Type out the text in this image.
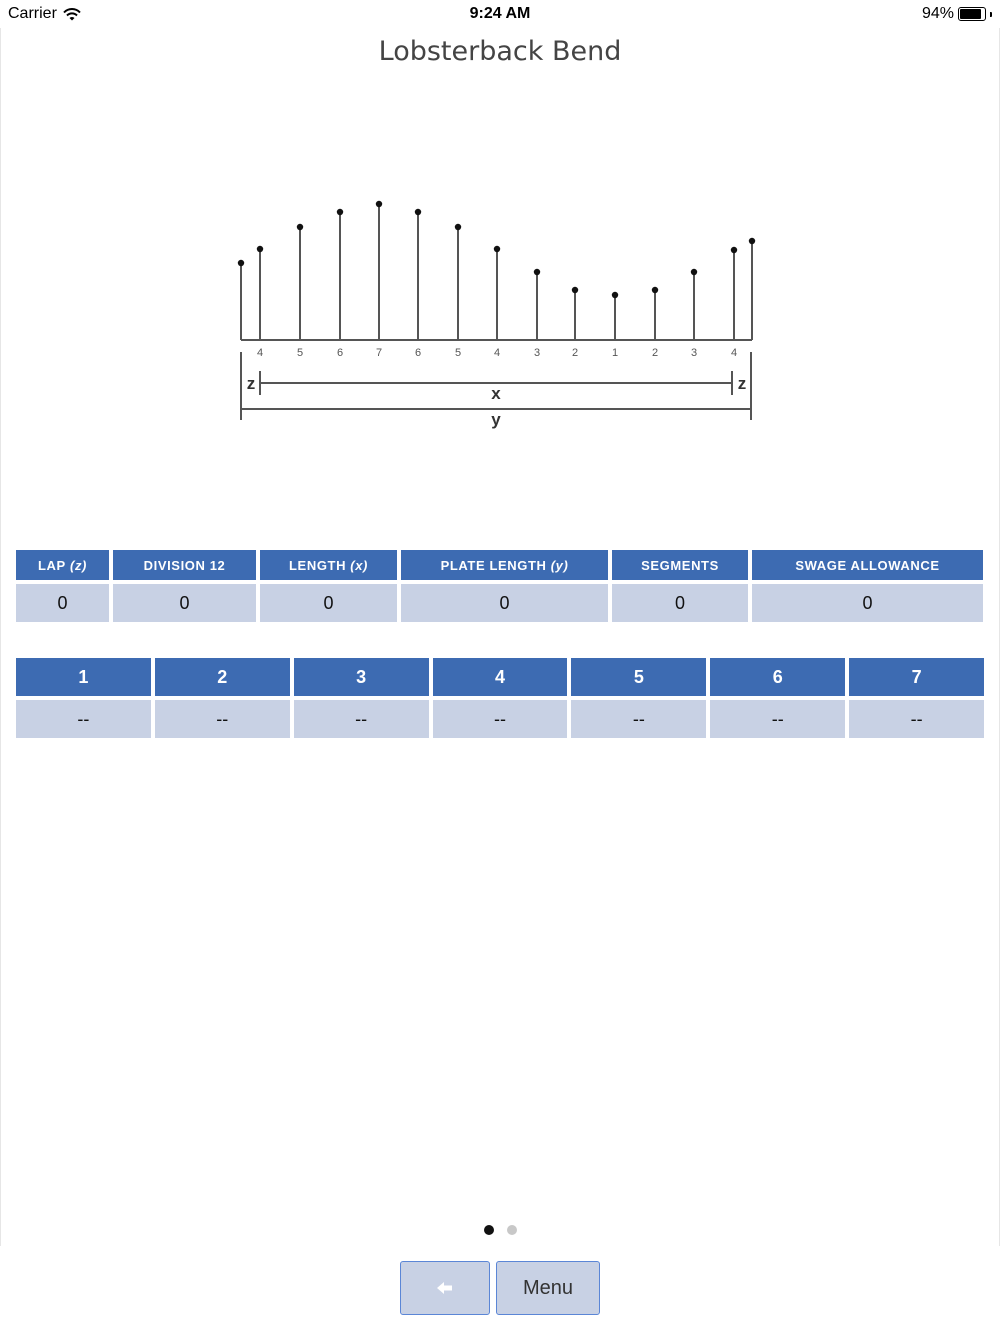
Carrier	9:24 AM	94%
Lobsterback Bend
4	5	6	7	6	5	4	3	2	1	2	3	4
z	z
x
y
LAP (z)	DIVISION 12	LENGTH (x)	PLATE LENGTH (y)	SEGMENTS	SWAGE ALLOWANCE
0	0	0	0	0	0
1	2	3	4	5	6	7
--	--	--	--	--	--	--
Menu
